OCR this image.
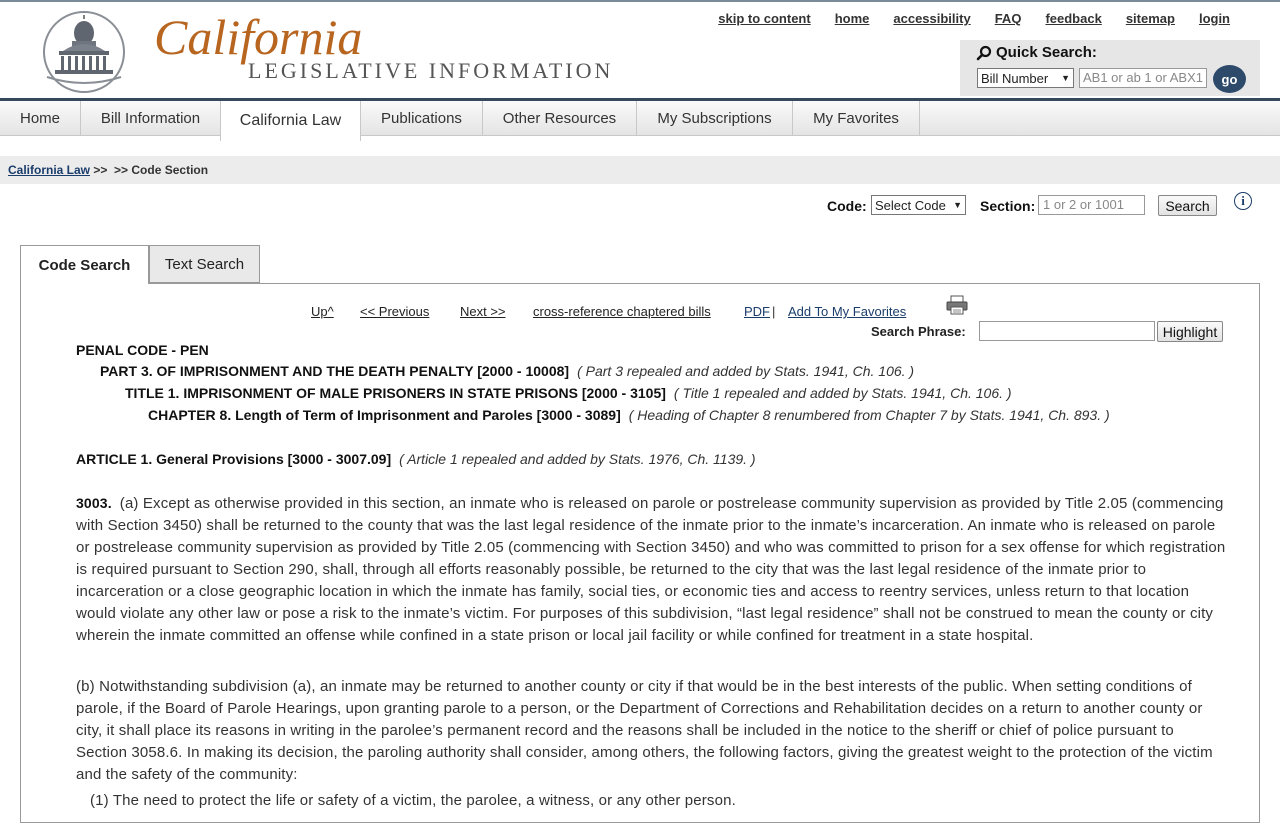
California
LEGISLATIVE INFORMATION
skip to content home accessibility FAQ feedback sitemap login
Quick Search:
Bill Number ▼	AB1 or ab 1 or ABX1	go
Home	Bill Information	California Law	Publications	Other Resources	My Subscriptions	My Favorites
California Law >>  >> Code Section
Code: Select Code ▼ Section: 1 or 2 or 1001	Search	i
Code Search	Text Search
Up^ << Previous Next >> cross-reference chaptered bills	PDF | Add To My Favorites
Search Phrase:	Highlight
PENAL CODE - PEN
PART 3. OF IMPRISONMENT AND THE DEATH PENALTY [2000 - 10008] ( Part 3 repealed and added by Stats. 1941, Ch. 106. )
TITLE 1. IMPRISONMENT OF MALE PRISONERS IN STATE PRISONS [2000 - 3105] ( Title 1 repealed and added by Stats. 1941, Ch. 106. )
CHAPTER 8. Length of Term of Imprisonment and Paroles [3000 - 3089] ( Heading of Chapter 8 renumbered from Chapter 7 by Stats. 1941, Ch. 893. )
ARTICLE 1. General Provisions [3000 - 3007.09] ( Article 1 repealed and added by Stats. 1976, Ch. 1139. )
3003. (a) Except as otherwise provided in this section, an inmate who is released on parole or postrelease community supervision as provided by Title 2.05 (commencing with Section 3450) shall be returned to the county that was the last legal residence of the inmate prior to the inmate’s incarceration. An inmate who is released on parole or postrelease community supervision as provided by Title 2.05 (commencing with Section 3450) and who was committed to prison for a sex offense for which registration is required pursuant to Section 290, shall, through all efforts reasonably possible, be returned to the city that was the last legal residence of the inmate prior to incarceration or a close geographic location in which the inmate has family, social ties, or economic ties and access to reentry services, unless return to that location would violate any other law or pose a risk to the inmate’s victim. For purposes of this subdivision, “last legal residence” shall not be construed to mean the county or city wherein the inmate committed an offense while confined in a state prison or local jail facility or while confined for treatment in a state hospital.
(b) Notwithstanding subdivision (a), an inmate may be returned to another county or city if that would be in the best interests of the public. When setting conditions of parole, if the Board of Parole Hearings, upon granting parole to a person, or the Department of Corrections and Rehabilitation decides on a return to another county or city, it shall place its reasons in writing in the parolee’s permanent record and the reasons shall be included in the notice to the sheriff or chief of police pursuant to Section 3058.6. In making its decision, the paroling authority shall consider, among others, the following factors, giving the greatest weight to the protection of the victim and the safety of the community:
(1) The need to protect the life or safety of a victim, the parolee, a witness, or any other person.
